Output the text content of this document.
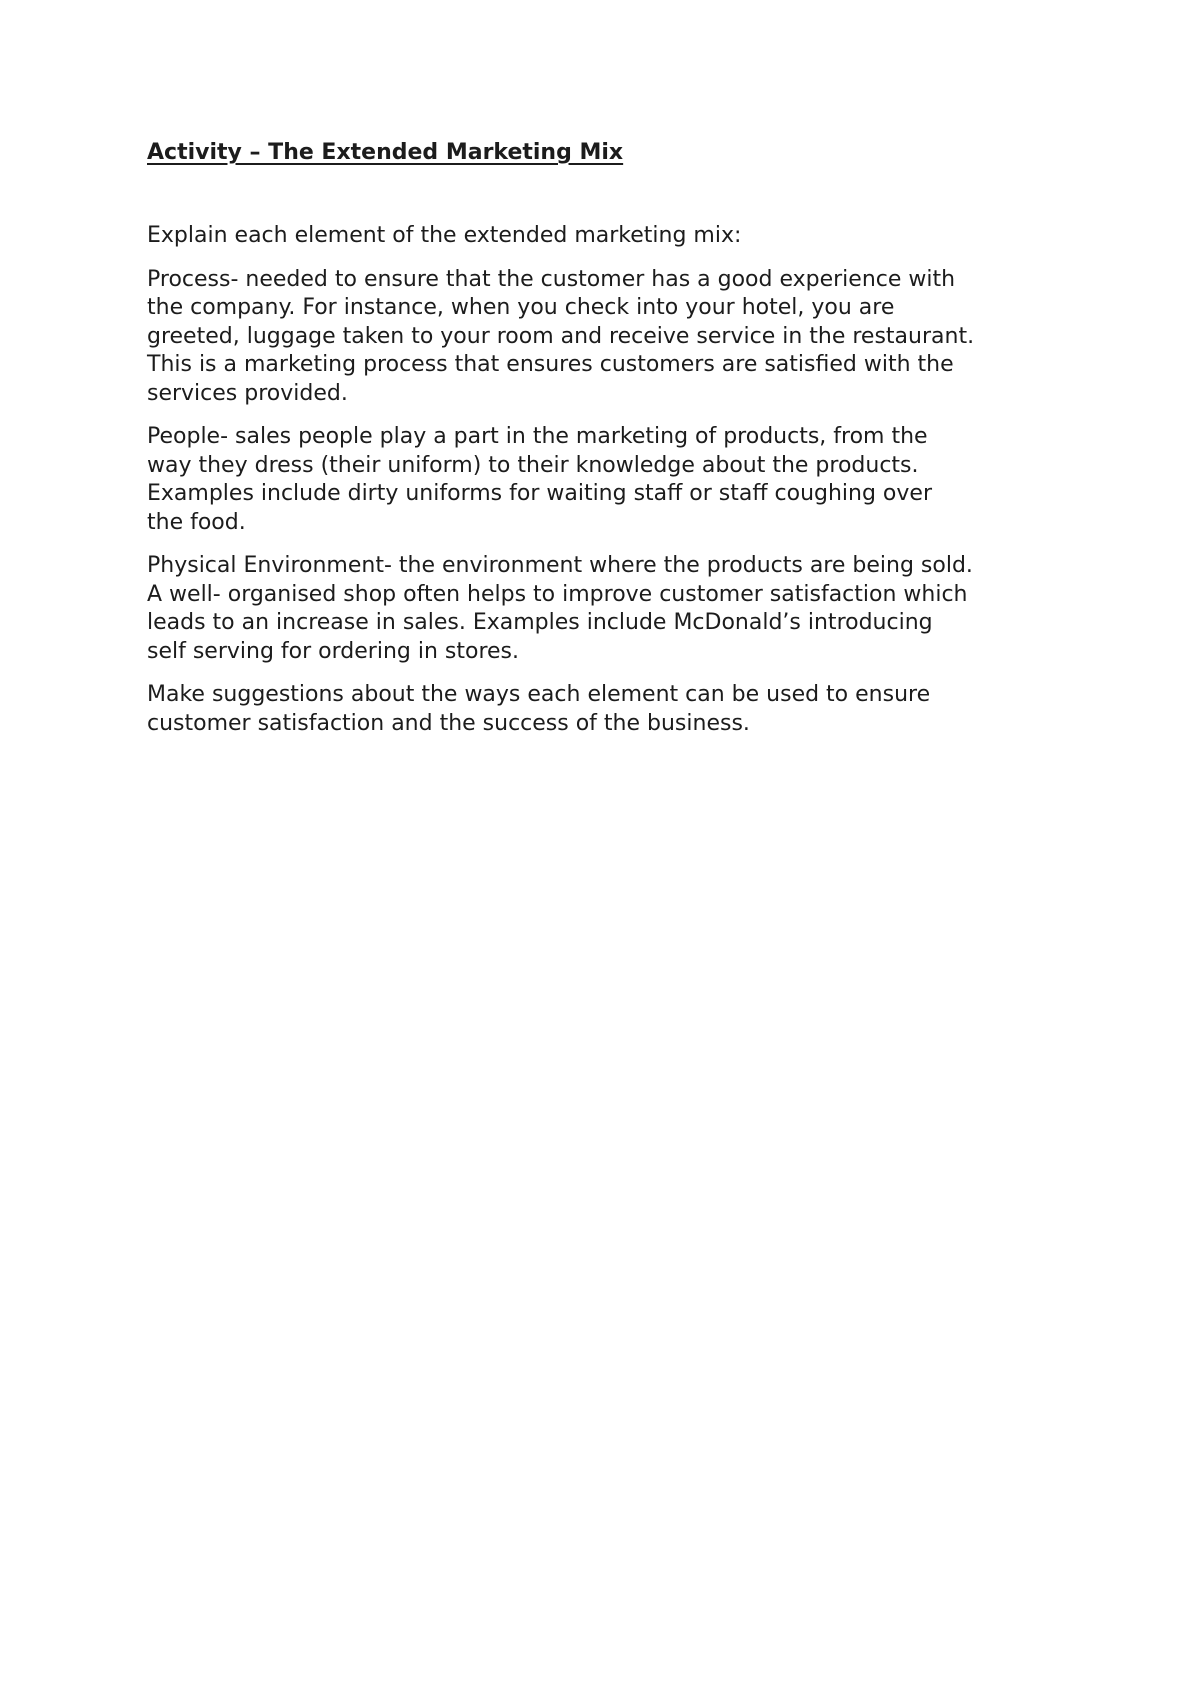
Activity – The Extended Marketing Mix

Explain each element of the extended marketing mix:

Process- needed to ensure that the customer has a good experience with
the company. For instance, when you check into your hotel, you are
greeted, luggage taken to your room and receive service in the restaurant.
This is a marketing process that ensures customers are satisfied with the
services provided.

People- sales people play a part in the marketing of products, from the
way they dress (their uniform) to their knowledge about the products.
Examples include dirty uniforms for waiting staff or staff coughing over
the food.

Physical Environment- the environment where the products are being sold.
A well- organised shop often helps to improve customer satisfaction which
leads to an increase in sales. Examples include McDonald’s introducing
self serving for ordering in stores.

Make suggestions about the ways each element can be used to ensure
customer satisfaction and the success of the business.
